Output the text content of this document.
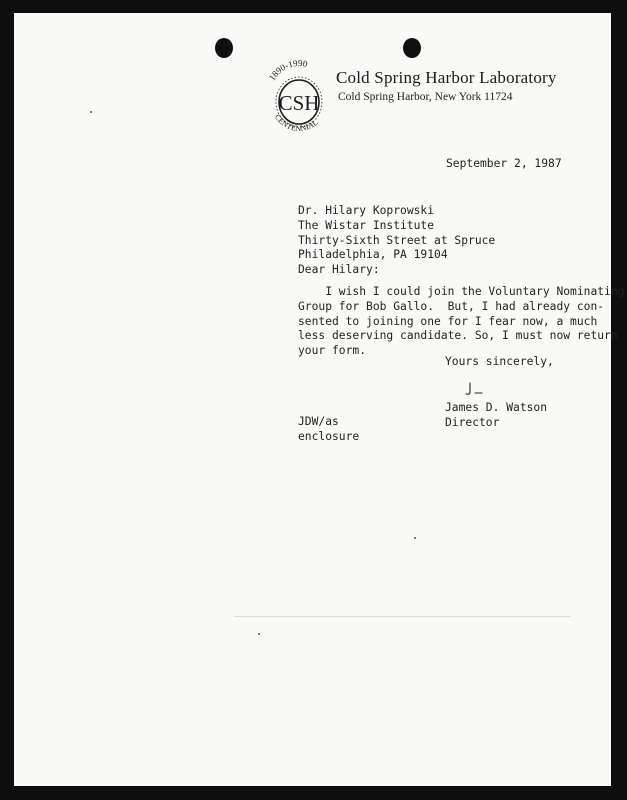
1890-1990
CSH
CENTENNIAL
Cold Spring Harbor Laboratory
Cold Spring Harbor, New York 11724
September 2, 1987
Dr. Hilary Koprowski
The Wistar Institute
Thirty-Sixth Street at Spruce
Philadelphia, PA 19104
Dear Hilary:
I wish I could join the Voluntary Nominating
Group for Bob Gallo.  But, I had already con-
sented to joining one for I fear now, a much
less deserving candidate. So, I must now return
your form.
Yours sincerely,
James D. Watson
Director
JDW/as
enclosure
